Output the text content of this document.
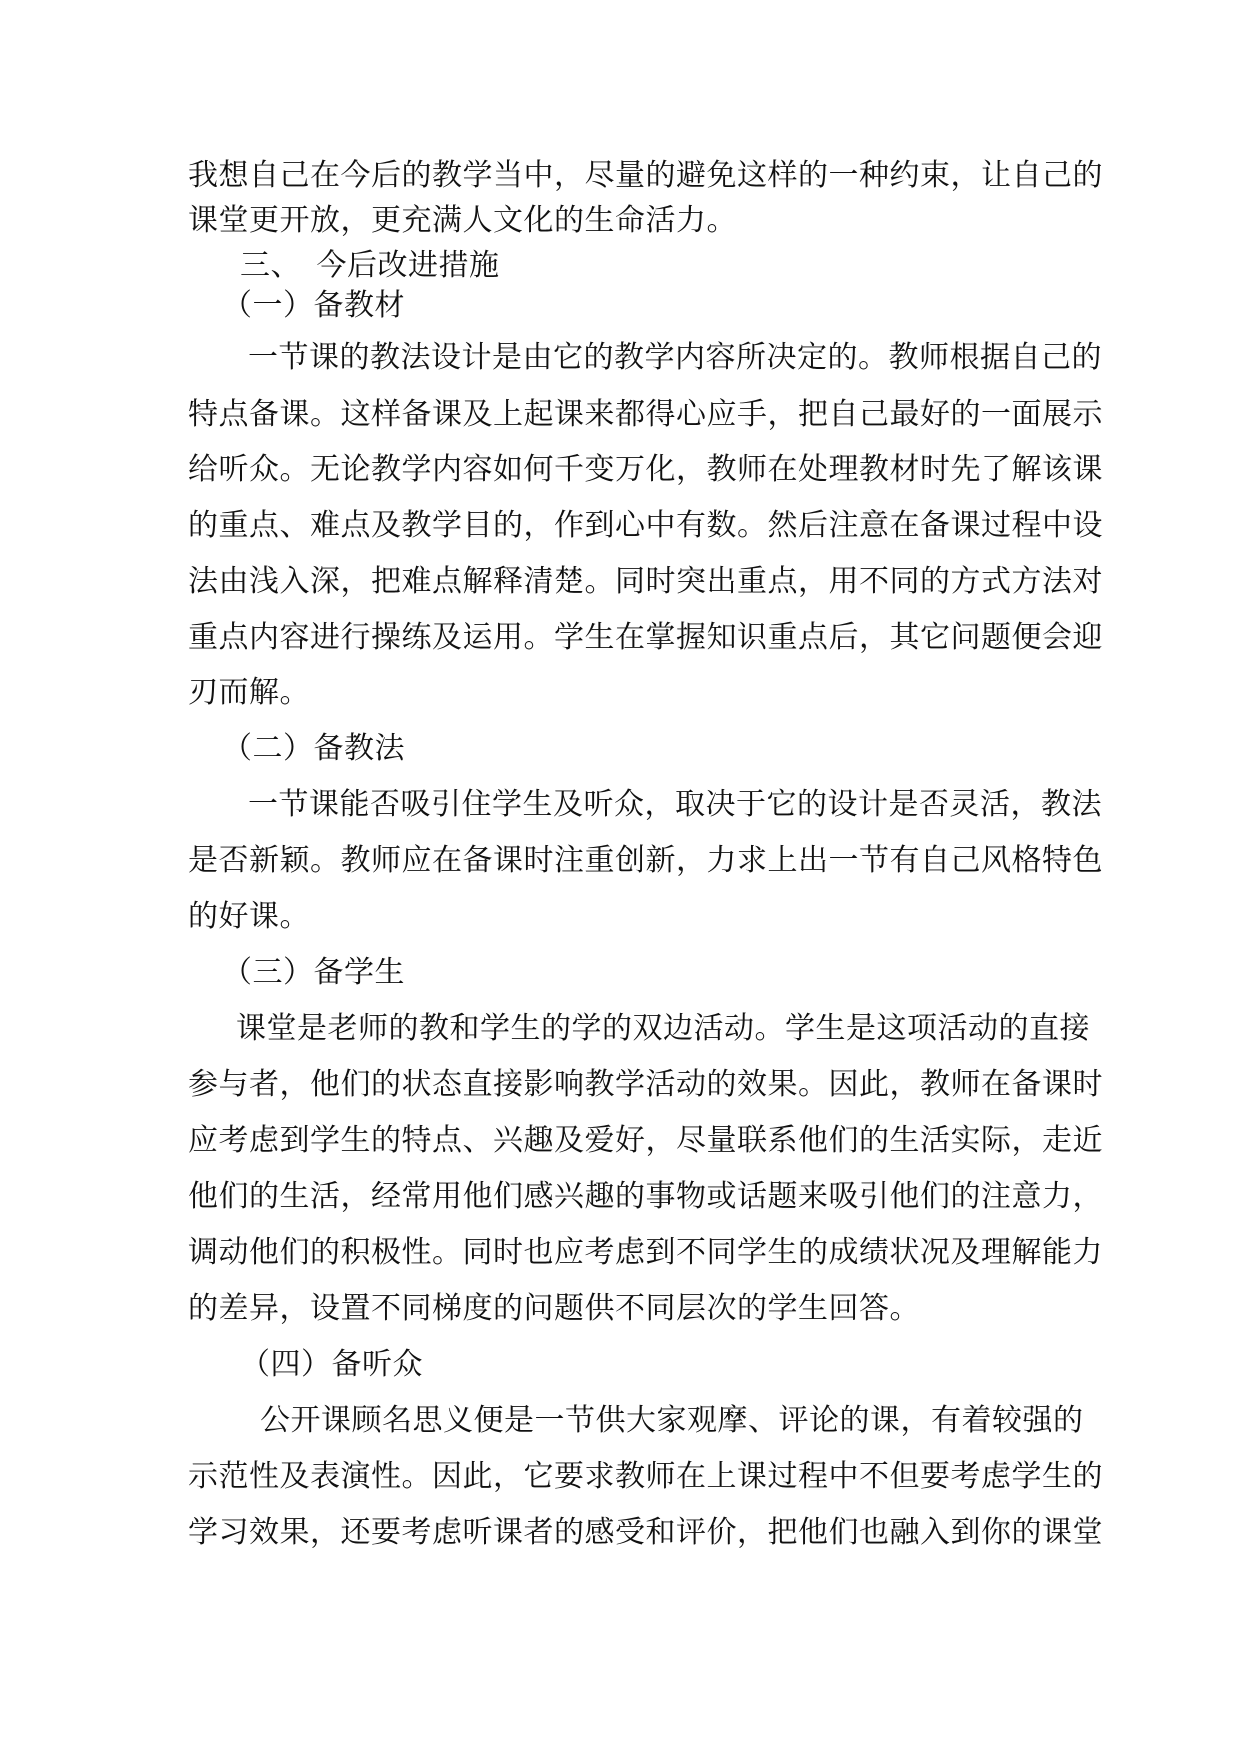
我想自己在今后的教学当中，尽量的避免这样的一种约束，让自己的
课堂更开放，更充满人文化的生命活力。
三、　今后改进措施
（一）备教材
一节课的教法设计是由它的教学内容所决定的。教师根据自己的
特点备课。这样备课及上起课来都得心应手，把自己最好的一面展示
给听众。无论教学内容如何千变万化，教师在处理教材时先了解该课
的重点、难点及教学目的，作到心中有数。然后注意在备课过程中设
法由浅入深，把难点解释清楚。同时突出重点，用不同的方式方法对
重点内容进行操练及运用。学生在掌握知识重点后，其它问题便会迎
刃而解。
（二）备教法
一节课能否吸引住学生及听众，取决于它的设计是否灵活，教法
是否新颖。教师应在备课时注重创新，力求上出一节有自己风格特色
的好课。
（三）备学生
课堂是老师的教和学生的学的双边活动。学生是这项活动的直接
参与者，他们的状态直接影响教学活动的效果。因此，教师在备课时
应考虑到学生的特点、兴趣及爱好，尽量联系他们的生活实际，走近
他们的生活，经常用他们感兴趣的事物或话题来吸引他们的注意力，
调动他们的积极性。同时也应考虑到不同学生的成绩状况及理解能力
的差异，设置不同梯度的问题供不同层次的学生回答。
（四）备听众
公开课顾名思义便是一节供大家观摩、评论的课，有着较强的
示范性及表演性。因此，它要求教师在上课过程中不但要考虑学生的
学习效果，还要考虑听课者的感受和评价，把他们也融入到你的课堂
